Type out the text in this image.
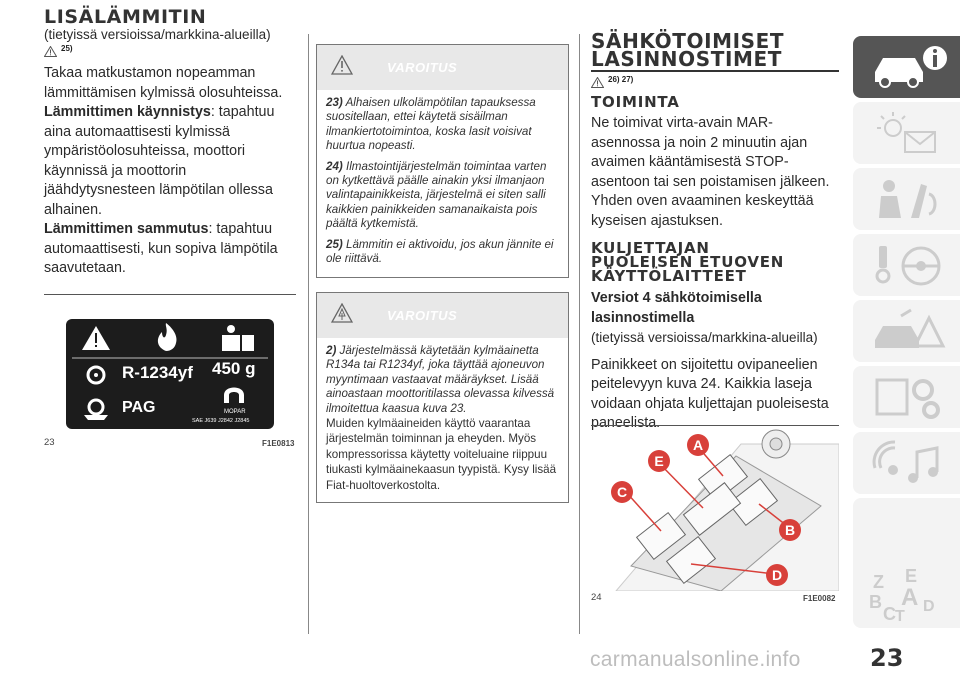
LISÄLÄMMITIN
(tietyissä versioissa/markkina-alueilla)
$^{25)}$

Takaa matkustamon nopeamman lämmittämisen kylmissä olosuhteissa.

Lämmittimen käynnistys: tapahtuu aina automaattisesti kylmissä ympäristöolosuhteissa, moottori käynnissä ja moottorin jäähdytysnesteen lämpötilan ollessa alhainen.

Lämmittimen sammutus: tapahtuu automaattisesti, kun sopiva lämpötila saavutetaan.

R-1234yf 450 g
PAG	MOPAR
SAE J639 J2842 J2845
23	F1E0813
VAROITUS

23) Alhaisen ulkolämpötilan tapauksessa suositellaan, ettei käytetä sisäilman ilmankiertotoimintoa, koska lasit voisivat huurtua nopeasti.

24) Ilmastointijärjestelmän toimintaa varten on kytkettävä päälle ainakin yksi ilmanjaon valintapainikkeista, järjestelmä ei siten salli kaikkien painikkeiden samanaikaista pois päältä kytkemistä.

25) Lämmitin ei aktivoidu, jos akun jännite ei ole riittävä.

VAROITUS

2) Järjestelmässä käytetään kylmäainetta R134a tai R1234yf, joka täyttää ajoneuvon myyntimaan vastaavat määräykset. Lisää ainoastaan moottoritilassa olevassa kilvessä ilmoitettua kaasua kuva 23.

Muiden kylmäaineiden käyttö vaarantaa järjestelmän toiminnan ja eheyden. Myös kompressorissa käytetty voiteluaine riippuu tiukasti kylmäainekaasun tyypistä. Kysy lisää Fiat-huoltoverkostolta.

SÄHKÖTOIMISET
LASINNOSTIMET
$^{26) 27)}$
TOIMINTA

Ne toimivat virta-avain MAR-asennossa ja noin 2 minuutin ajan avaimen kääntämisestä STOP-asentoon tai sen poistamisen jälkeen. Yhden oven avaaminen keskeyttää kyseisen ajastuksen.

KULJETTAJAN
PUOLEISEN ETUOVEN
KÄYTTÖLAITTEET
Versiot 4 sähkötoimisella
lasinnostimella
(tietyissä versioissa/markkina-alueilla)

Painikkeet on sijoitettu ovipaneelien peitelevyyn kuva 24. Kaikkia laseja voidaan ohjata kuljettajan puoleisesta paneelista.

A
B
C
D
E
24	F1E0082
Z E
B A D
C T
23
carmanualsonline.info
